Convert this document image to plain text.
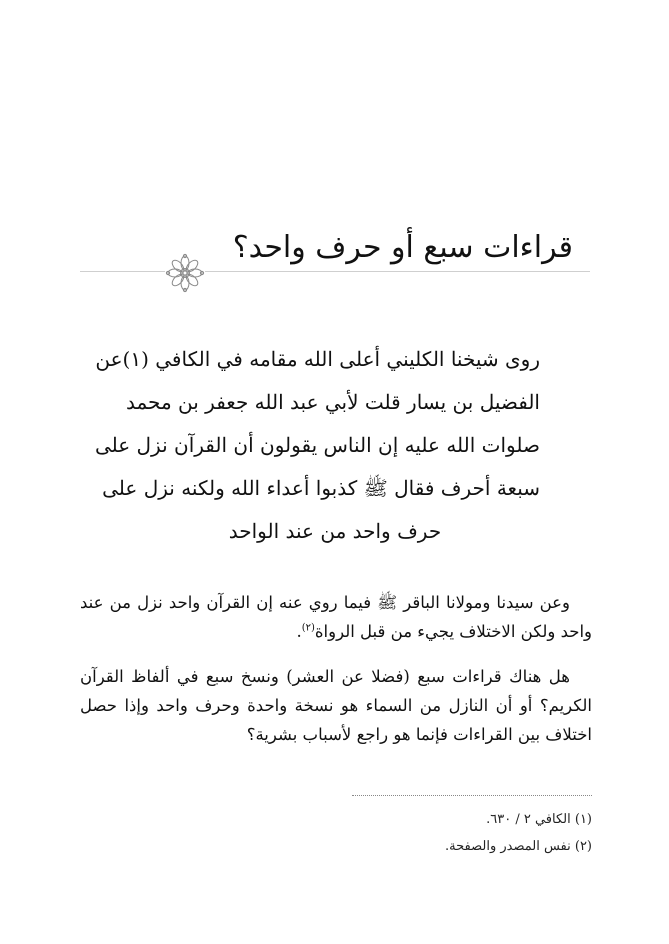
قراءات سبع أو حرف واحد؟
روى شيخنا الكليني أعلى الله مقامه في الكافي (١)عن
الفضيل بن يسار قلت لأبي عبد الله جعفر بن محمد
صلوات الله عليه إن الناس يقولون أن القرآن نزل على
سبعة أحرف فقال ﷺ كذبوا أعداء الله ولكنه نزل على
حرف واحد من عند الواحد

وعن سيدنا ومولانا الباقر ﷺ فيما روي عنه إن القرآن واحد نزل من عند واحد ولكن الاختلاف يجيء من قبل الرواة$^{(٢)}$.

هل هناك قراءات سبع (فضلا عن العشر) ونسخ سبع في ألفاظ القرآن الكريم؟ أو أن النازل من السماء هو نسخة واحدة وحرف واحد وإذا حصل اختلاف بين القراءات فإنما هو راجع لأسباب بشرية؟

(١) الكافي ٢ / ٦٣٠.
(٢) نفس المصدر والصفحة.
